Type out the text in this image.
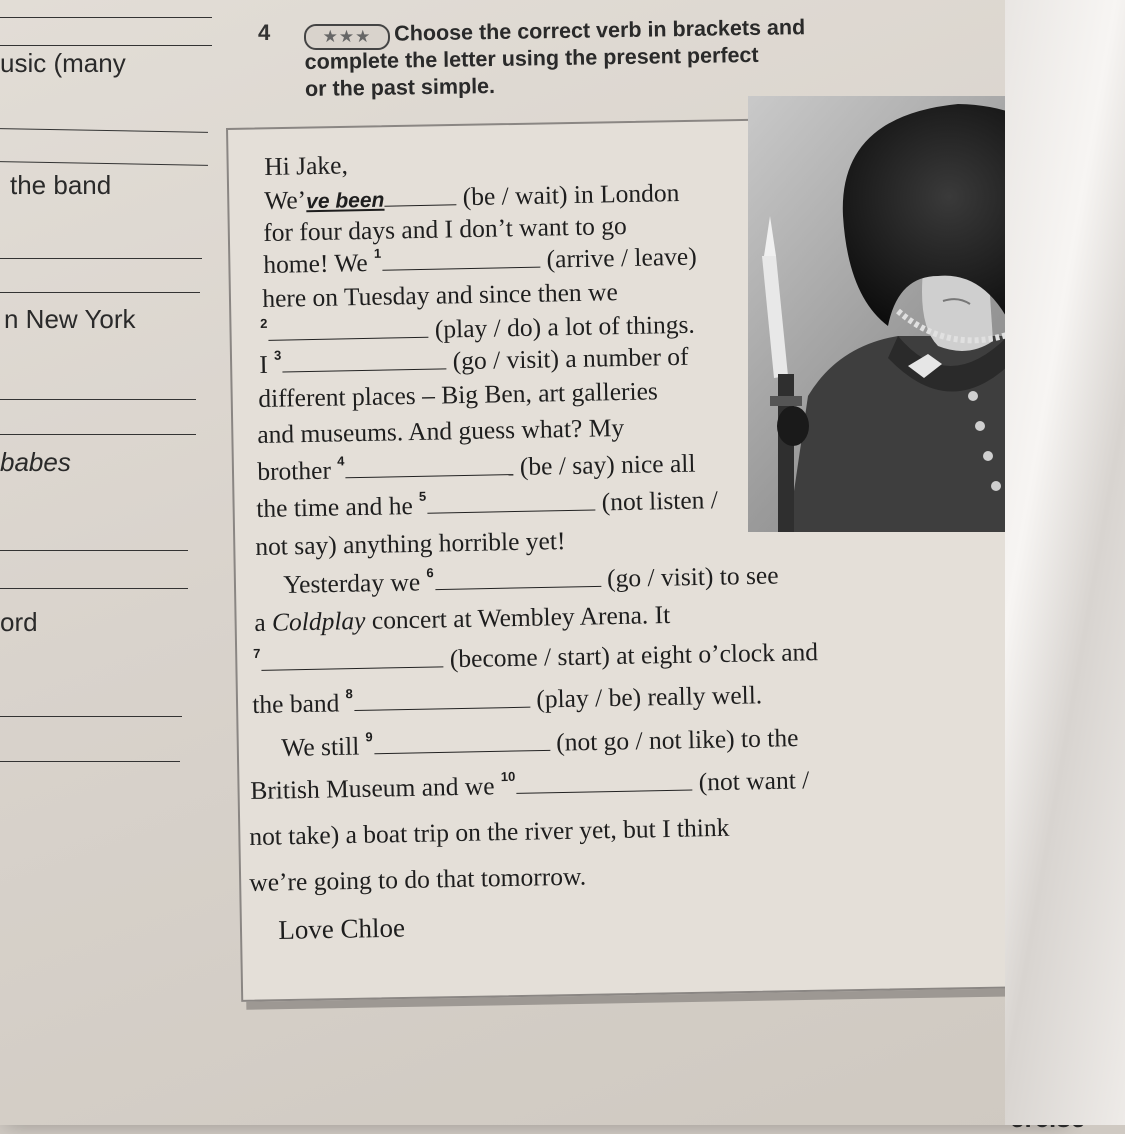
usic (many
the band
n New York
babes
ord
4	★★★	Choose the correct verb in brackets and
complete the letter using the present perfect
or the past simple.
Hi Jake,
We’ve been	(be / wait) in London
for four days and I don’t want to go
home! We $^1$	(arrive / leave)
here on Tuesday and since then we
$^2$	(play / do) a lot of things.
I $^3$	(go / visit) a number of
different places – Big Ben, art galleries
and museums. And guess what? My
brother $^4$	(be / say) nice all
the time and he $^5$	(not listen /
not say) anything horrible yet!
Yesterday we $^6$	(go / visit) to see
a Coldplay concert at Wembley Arena. It
$^7$	(become / start) at eight o’clock and
the band $^8$	(play / be) really well.
We still $^9$	(not go / not like) to the
British Museum and we $^{10}$	(not want /
not take) a boat trip on the river yet, but I think
we’re going to do that tomorrow.
Love Chloe
